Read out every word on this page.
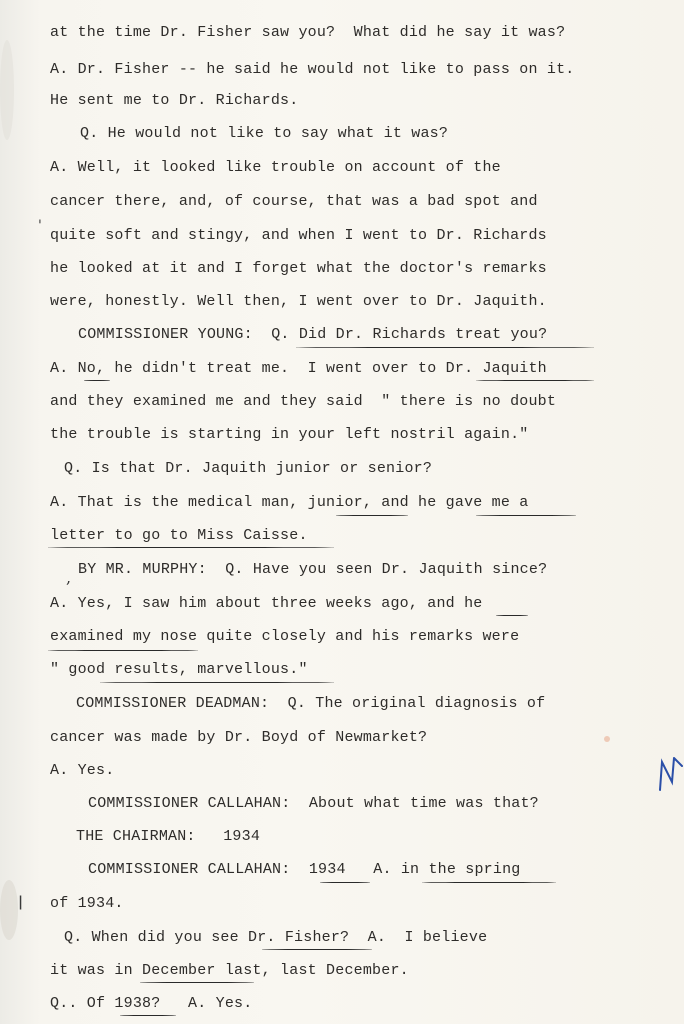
at the time Dr. Fisher saw you?  What did he say it was?
A. Dr. Fisher -- he said he would not like to pass on it.
He sent me to Dr. Richards.
Q. He would not like to say what it was?
A. Well, it looked like trouble on account of the
cancer there, and, of course, that was a bad spot and
quite soft and stingy, and when I went to Dr. Richards
he looked at it and I forget what the doctor's remarks
were, honestly. Well then, I went over to Dr. Jaquith.
COMMISSIONER YOUNG:  Q. Did Dr. Richards treat you?
A. No, he didn't treat me.  I went over to Dr. Jaquith
and they examined me and they said  " there is no doubt
the trouble is starting in your left nostril again."
Q. Is that Dr. Jaquith junior or senior?
A. That is the medical man, junior, and he gave me a
letter to go to Miss Caisse.
BY MR. MURPHY:  Q. Have you seen Dr. Jaquith since?
A. Yes, I saw him about three weeks ago, and he
examined my nose quite closely and his remarks were
" good results, marvellous."
COMMISSIONER DEADMAN:  Q. The original diagnosis of
cancer was made by Dr. Boyd of Newmarket?
A. Yes.
COMMISSIONER CALLAHAN:  About what time was that?
THE CHAIRMAN:   1934
COMMISSIONER CALLAHAN:  1934   A. in the spring
of 1934.
Q. When did you see Dr. Fisher?  A.  I believe
it was in December last, last December.
Q.. Of 1938?   A. Yes.
'
,
|
